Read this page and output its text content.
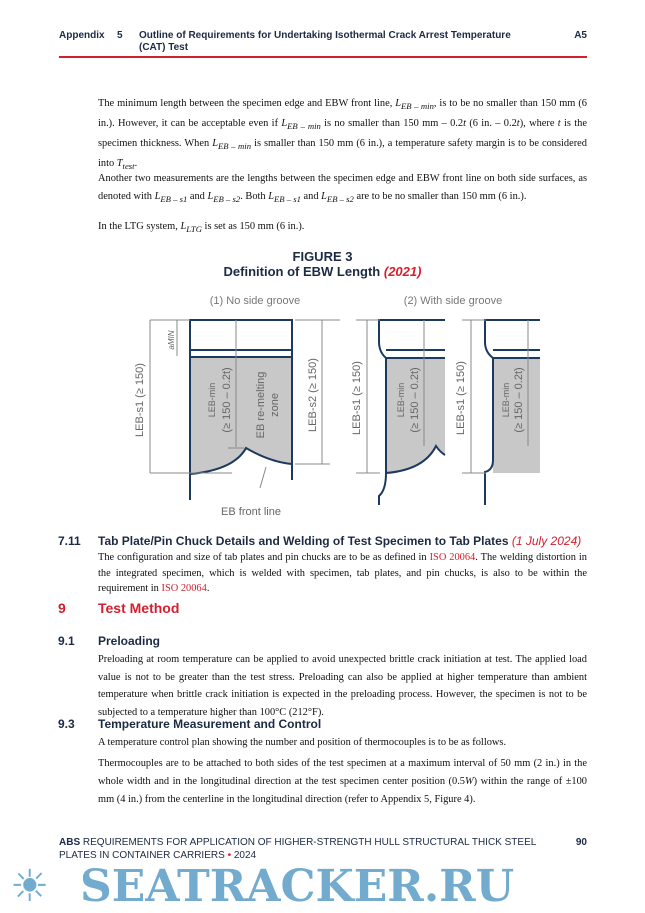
Appendix 5 Outline of Requirements for Undertaking Isothermal Crack Arrest Temperature (CAT) Test
A5
The minimum length between the specimen edge and EBW front line, $L_{EB - min}$, is to be no smaller than 150 mm (6 in.). However, it can be acceptable even if $L_{EB - min}$ is no smaller than 150 mm – 0.2t (6 in. – 0.2t), where t is the specimen thickness. When $L_{EB - min}$ is smaller than 150 mm (6 in.), a temperature safety margin is to be considered into $T_{test}$.
Another two measurements are the lengths between the specimen edge and EBW front line on both side surfaces, as denoted with $L_{EB - s1}$ and $L_{EB - s2}$. Both $L_{EB - s1}$ and $L_{EB - s2}$ are to be no smaller than 150 mm (6 in.).
In the LTG system, $L_{LTG}$ is set as 150 mm (6 in.).
FIGURE 3
Definition of EBW Length (2021)
(1) No side groove	(2) With side groove
LEB-s1 (≥ 150)
aMIN
LEB-min (≥ 150 – 0.2t) EB re-melting zone LEB-s2 (≥ 150)	LEB-s1 (≥ 150)	LEB-min (≥ 150 – 0.2t)	LEB-s1 (≥ 150)	LEB-min (≥ 150 – 0.2t)
EB front line
7.11 Tab Plate/Pin Chuck Details and Welding of Test Specimen to Tab Plates (1 July 2024)
The configuration and size of tab plates and pin chucks are to be as defined in ISO 20064. The welding distortion in the integrated specimen, which is welded with specimen, tab plates, and pin chucks, is also to be within the requirement in ISO 20064.
9 Test Method
9.1 Preloading
Preloading at room temperature can be applied to avoid unexpected brittle crack initiation at test. The applied load value is not to be greater than the test stress. Preloading can also be applied at higher temperature than ambient temperature when brittle crack initiation is expected in the preloading process. However, the specimen is not to be subjected to a temperature higher than 100°C (212°F).
9.3 Temperature Measurement and Control
A temperature control plan showing the number and position of thermocouples is to be as follows.
Thermocouples are to be attached to both sides of the test specimen at a maximum interval of 50 mm (2 in.) in the whole width and in the longitudinal direction at the test specimen center position (0.5W) within the range of ±100 mm (4 in.) from the centerline in the longitudinal direction (refer to Appendix 5, Figure 4).
ABS REQUIREMENTS FOR APPLICATION OF HIGHER-STRENGTH HULL STRUCTURAL THICK STEEL
PLATES IN CONTAINER CARRIERS • 2024
90
☀ SEATRACKER.RU
